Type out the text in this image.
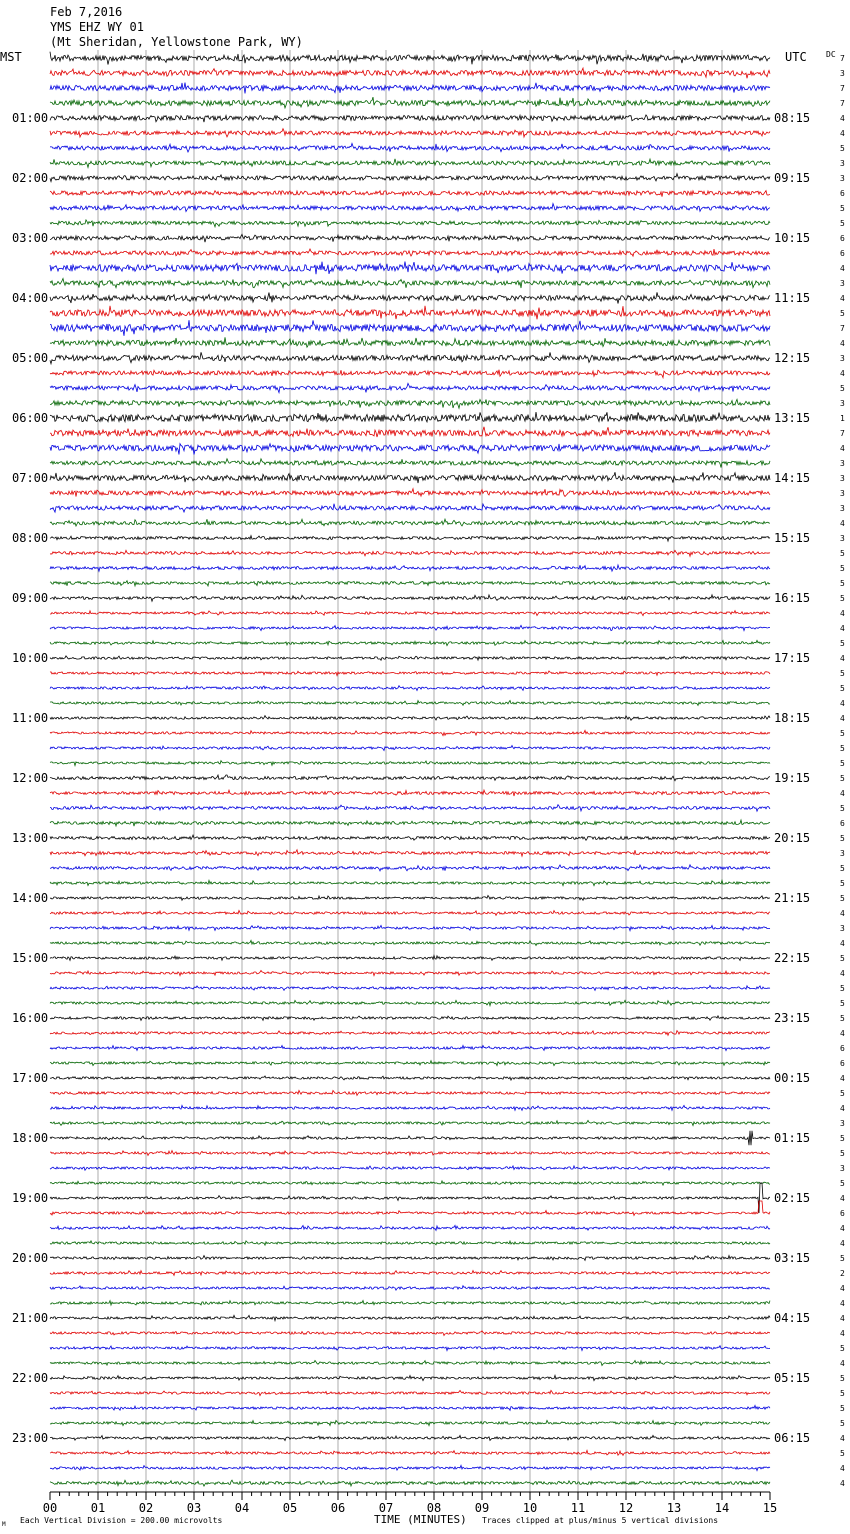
Feb 7,2016
YMS EHZ WY 01
(Mt Sheridan, Yellowstone Park, WY)
MST	UTC DC
01:00
02:00
03:00
04:00
05:00
06:00
07:00
08:00
09:00
10:00
11:00
12:00
13:00
14:00
15:00
16:00
17:00
18:00
19:00
20:00
21:00
22:00
23:00
08:15
09:15
10:15
11:15
12:15
13:15
14:15
15:15
16:15
17:15
18:15
19:15
20:15
21:15
22:15
23:15
00:15
01:15
02:15
03:15
04:15
05:15
06:15
7
3
7
7
4
4
5
3
3
6
5
5
6
6
4
3
4
5
7
4
3
4
5
3
1
7
4
3
3
3
3
4
3
5
5
5
5
4
4
5
4
5
5
4
4
5
5
5
5
4
5
6
5
3
5
5
5
4
3
4
5
4
5
5
5
4
6
6
4
5
4
3
5
5
3
5
4
6
4
4
5
2
4
4
4
4
5
4
5
5
5
5
4
5
4
4
00	01	02	03	04	05	06	07	08	09	10	11	12	13	14	15
M Each Vertical Division = 200.00 microvolts	TIME (MINUTES) Traces clipped at plus/minus 5 vertical divisions
